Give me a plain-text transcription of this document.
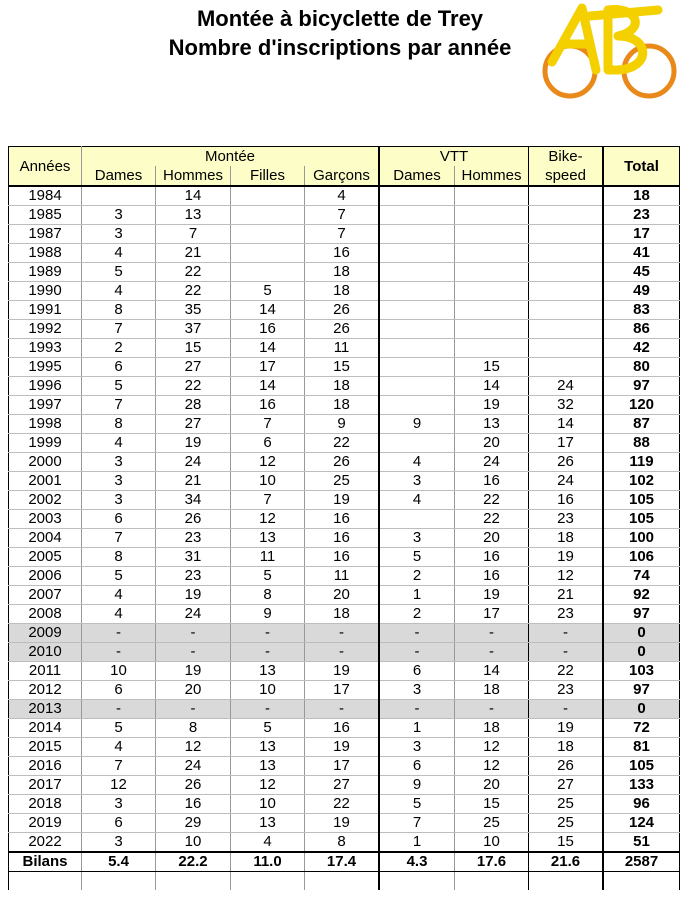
Montée à bicyclette de Trey
Nombre d'inscriptions par année
Années	Montée				VTT		Bike-	Total
	Dames	Hommes	Filles	Garçons	Dames	Hommes	speed	
1984		14		4				18
1985	3	13		7				23
1987	3	7		7				17
1988	4	21		16				41
1989	5	22		18				45
1990	4	22	5	18				49
1991	8	35	14	26				83
1992	7	37	16	26				86
1993	2	15	14	11				42
1995	6	27	17	15		15		80
1996	5	22	14	18		14	24	97
1997	7	28	16	18		19	32	120
1998	8	27	7	9	9	13	14	87
1999	4	19	6	22		20	17	88
2000	3	24	12	26	4	24	26	119
2001	3	21	10	25	3	16	24	102
2002	3	34	7	19	4	22	16	105
2003	6	26	12	16		22	23	105
2004	7	23	13	16	3	20	18	100
2005	8	31	11	16	5	16	19	106
2006	5	23	5	11	2	16	12	74
2007	4	19	8	20	1	19	21	92
2008	4	24	9	18	2	17	23	97
2009	-	-	-	-	-	-	-	0
2010	-	-	-	-	-	-	-	0
2011	10	19	13	19	6	14	22	103
2012	6	20	10	17	3	18	23	97
2013	-	-	-	-	-	-	-	0
2014	5	8	5	16	1	18	19	72
2015	4	12	13	19	3	12	18	81
2016	7	24	13	17	6	12	26	105
2017	12	26	12	27	9	20	27	133
2018	3	16	10	22	5	15	25	96
2019	6	29	13	19	7	25	25	124
2022	3	10	4	8	1	10	15	51
Bilans	5.4	22.2	11.0	17.4	4.3	17.6	21.6	2587
